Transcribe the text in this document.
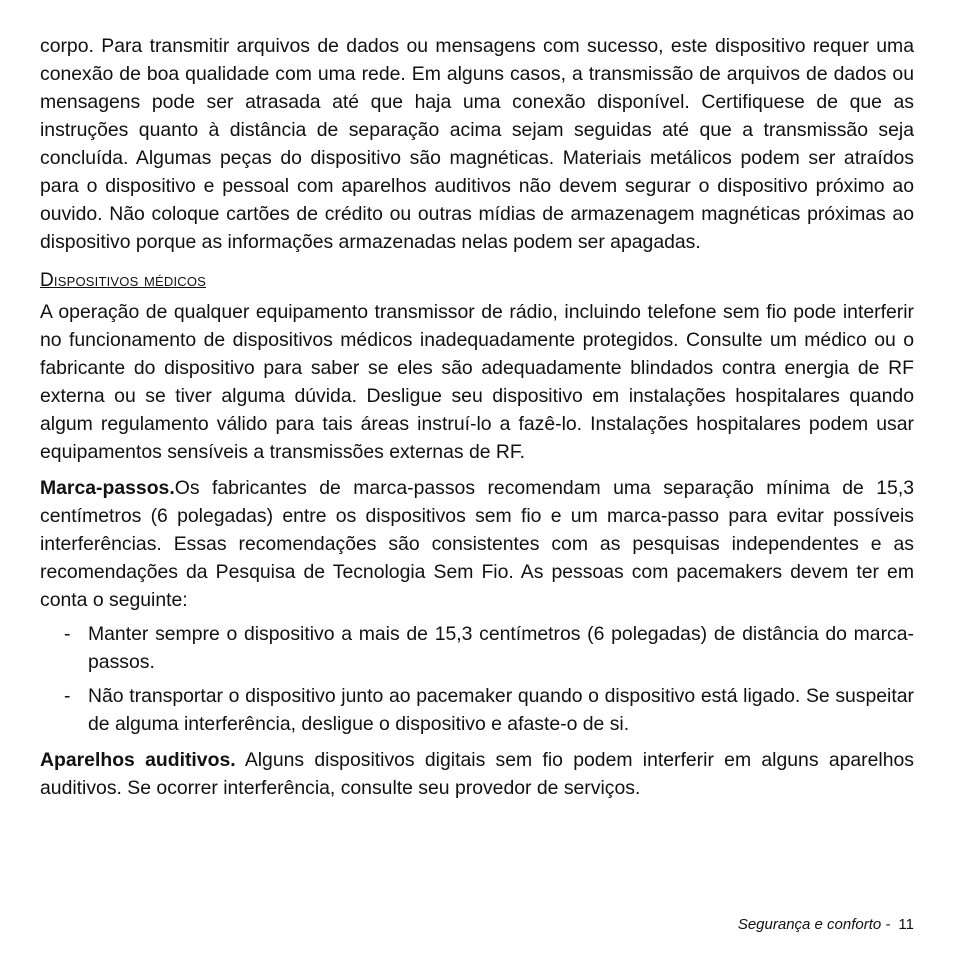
corpo. Para transmitir arquivos de dados ou mensagens com sucesso, este dispositivo requer uma conexão de boa qualidade com uma rede. Em alguns casos, a transmissão de arquivos de dados ou mensagens pode ser atrasada até que haja uma conexão disponível. Certifiquese de que as instruções quanto à distância de separação acima sejam seguidas até que a transmissão seja concluída. Algumas peças do dispositivo são magnéticas. Materiais metálicos podem ser atraídos para o dispositivo e pessoal com aparelhos auditivos não devem segurar o dispositivo próximo ao ouvido. Não coloque cartões de crédito ou outras mídias de armazenagem magnéticas próximas ao dispositivo porque as informações armazenadas nelas podem ser apagadas.

Dispositivos médicos

A operação de qualquer equipamento transmissor de rádio, incluindo telefone sem fio pode interferir no funcionamento de dispositivos médicos inadequadamente protegidos. Consulte um médico ou o fabricante do dispositivo para saber se eles são adequadamente blindados contra energia de RF externa ou se tiver alguma dúvida. Desligue seu dispositivo em instalações hospitalares quando algum regulamento válido para tais áreas instruí-lo a fazê-lo. Instalações hospitalares podem usar equipamentos sensíveis a transmissões externas de RF.

Marca-passos.Os fabricantes de marca-passos recomendam uma separação mínima de 15,3 centímetros (6 polegadas) entre os dispositivos sem fio e um marca-passo para evitar possíveis interferências. Essas recomendações são consistentes com as pesquisas independentes e as recomendações da Pesquisa de Tecnologia Sem Fio. As pessoas com pacemakers devem ter em conta o seguinte:

- Manter sempre o dispositivo a mais de 15,3 centímetros (6 polegadas) de distância do marca-passos.
- Não transportar o dispositivo junto ao pacemaker quando o dispositivo está ligado. Se suspeitar de alguma interferência, desligue o dispositivo e afaste-o de si.

Aparelhos auditivos. Alguns dispositivos digitais sem fio podem interferir em alguns aparelhos auditivos. Se ocorrer interferência, consulte seu provedor de serviços.

Segurança e conforto - 11
